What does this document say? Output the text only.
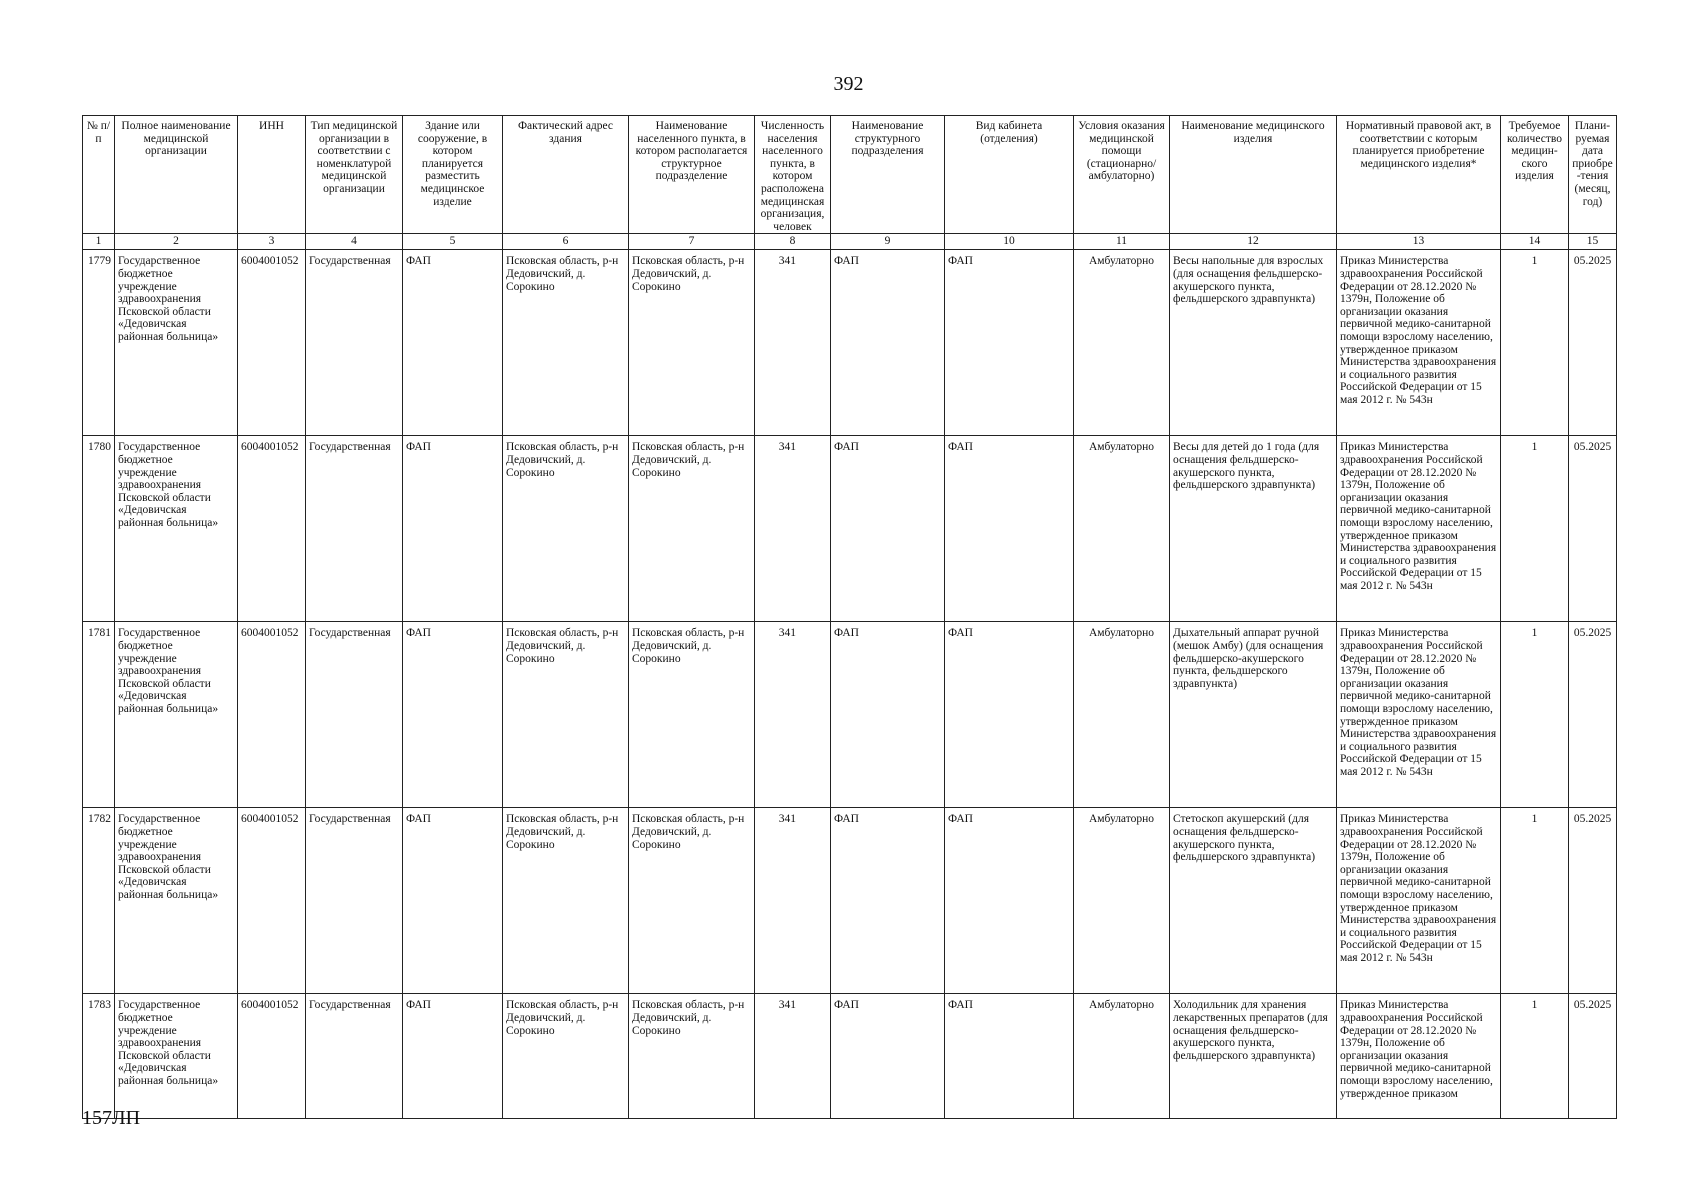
392
№ п/п	Полное наименование медицинской организации	ИНН	Тип медицинской организации в соответствии с номенклатурой медицинской организации	Здание или сооружение, в котором планируется разместить медицинское изделие	Фактический адрес здания	Наименование населенного пункта, в котором располагается структурное подразделение	Численность населения населенного пункта, в котором расположена медицинская организация, человек	Наименование структурного подразделения	Вид кабинета (отделения)	Условия оказания медицинской помощи (стационарно/ амбулаторно)	Наименование медицинского изделия	Нормативный правовой акт, в соответствии с которым планируется приобретение медицинского изделия*	Требуемое количество медицин-ского изделия	Плани-руемая дата приобре-тения (месяц, год)
1	2	3	4	5	6	7	8	9	10	11	12	13	14	15
1779	Государственное бюджетное учреждение здравоохранения Псковской области «Дедовичская районная больница»	6004001052	Государственная	ФАП	Псковская область, р-н Дедовичский, д. Сорокино	Псковская область, р-н Дедовичский, д. Сорокино	341	ФАП	ФАП	Амбулаторно	Весы напольные для взрослых (для оснащения фельдшерско-акушерского пункта, фельдшерского здравпункта)	Приказ Министерства здравоохранения Российской Федерации от 28.12.2020 № 1379н, Положение об организации оказания первичной медико-санитарной помощи взрослому населению, утвержденное приказом Министерства здравоохранения и социального развития Российской Федерации от 15 мая 2012 г. № 543н	1	05.2025
1780	Государственное бюджетное учреждение здравоохранения Псковской области «Дедовичская районная больница»	6004001052	Государственная	ФАП	Псковская область, р-н Дедовичский, д. Сорокино	Псковская область, р-н Дедовичский, д. Сорокино	341	ФАП	ФАП	Амбулаторно	Весы для детей до 1 года (для оснащения фельдшерско-акушерского пункта, фельдшерского здравпункта)	Приказ Министерства здравоохранения Российской Федерации от 28.12.2020 № 1379н, Положение об организации оказания первичной медико-санитарной помощи взрослому населению, утвержденное приказом Министерства здравоохранения и социального развития Российской Федерации от 15 мая 2012 г. № 543н	1	05.2025
1781	Государственное бюджетное учреждение здравоохранения Псковской области «Дедовичская районная больница»	6004001052	Государственная	ФАП	Псковская область, р-н Дедовичский, д. Сорокино	Псковская область, р-н Дедовичский, д. Сорокино	341	ФАП	ФАП	Амбулаторно	Дыхательный аппарат ручной (мешок Амбу) (для оснащения фельдшерско-акушерского пункта, фельдшерского здравпункта)	Приказ Министерства здравоохранения Российской Федерации от 28.12.2020 № 1379н, Положение об организации оказания первичной медико-санитарной помощи взрослому населению, утвержденное приказом Министерства здравоохранения и социального развития Российской Федерации от 15 мая 2012 г. № 543н	1	05.2025
1782	Государственное бюджетное учреждение здравоохранения Псковской области «Дедовичская районная больница»	6004001052	Государственная	ФАП	Псковская область, р-н Дедовичский, д. Сорокино	Псковская область, р-н Дедовичский, д. Сорокино	341	ФАП	ФАП	Амбулаторно	Стетоскоп акушерский (для оснащения фельдшерско-акушерского пункта, фельдшерского здравпункта)	Приказ Министерства здравоохранения Российской Федерации от 28.12.2020 № 1379н, Положение об организации оказания первичной медико-санитарной помощи взрослому населению, утвержденное приказом Министерства здравоохранения и социального развития Российской Федерации от 15 мая 2012 г. № 543н	1	05.2025
1783	Государственное бюджетное учреждение здравоохранения Псковской области «Дедовичская районная больница»	6004001052	Государственная	ФАП	Псковская область, р-н Дедовичский, д. Сорокино	Псковская область, р-н Дедовичский, д. Сорокино	341	ФАП	ФАП	Амбулаторно	Холодильник для хранения лекарственных препаратов (для оснащения фельдшерско-акушерского пункта, фельдшерского здравпункта)	Приказ Министерства здравоохранения Российской Федерации от 28.12.2020 № 1379н, Положение об организации оказания первичной медико-санитарной помощи взрослому населению, утвержденное приказом	1	05.2025
157ЛП
